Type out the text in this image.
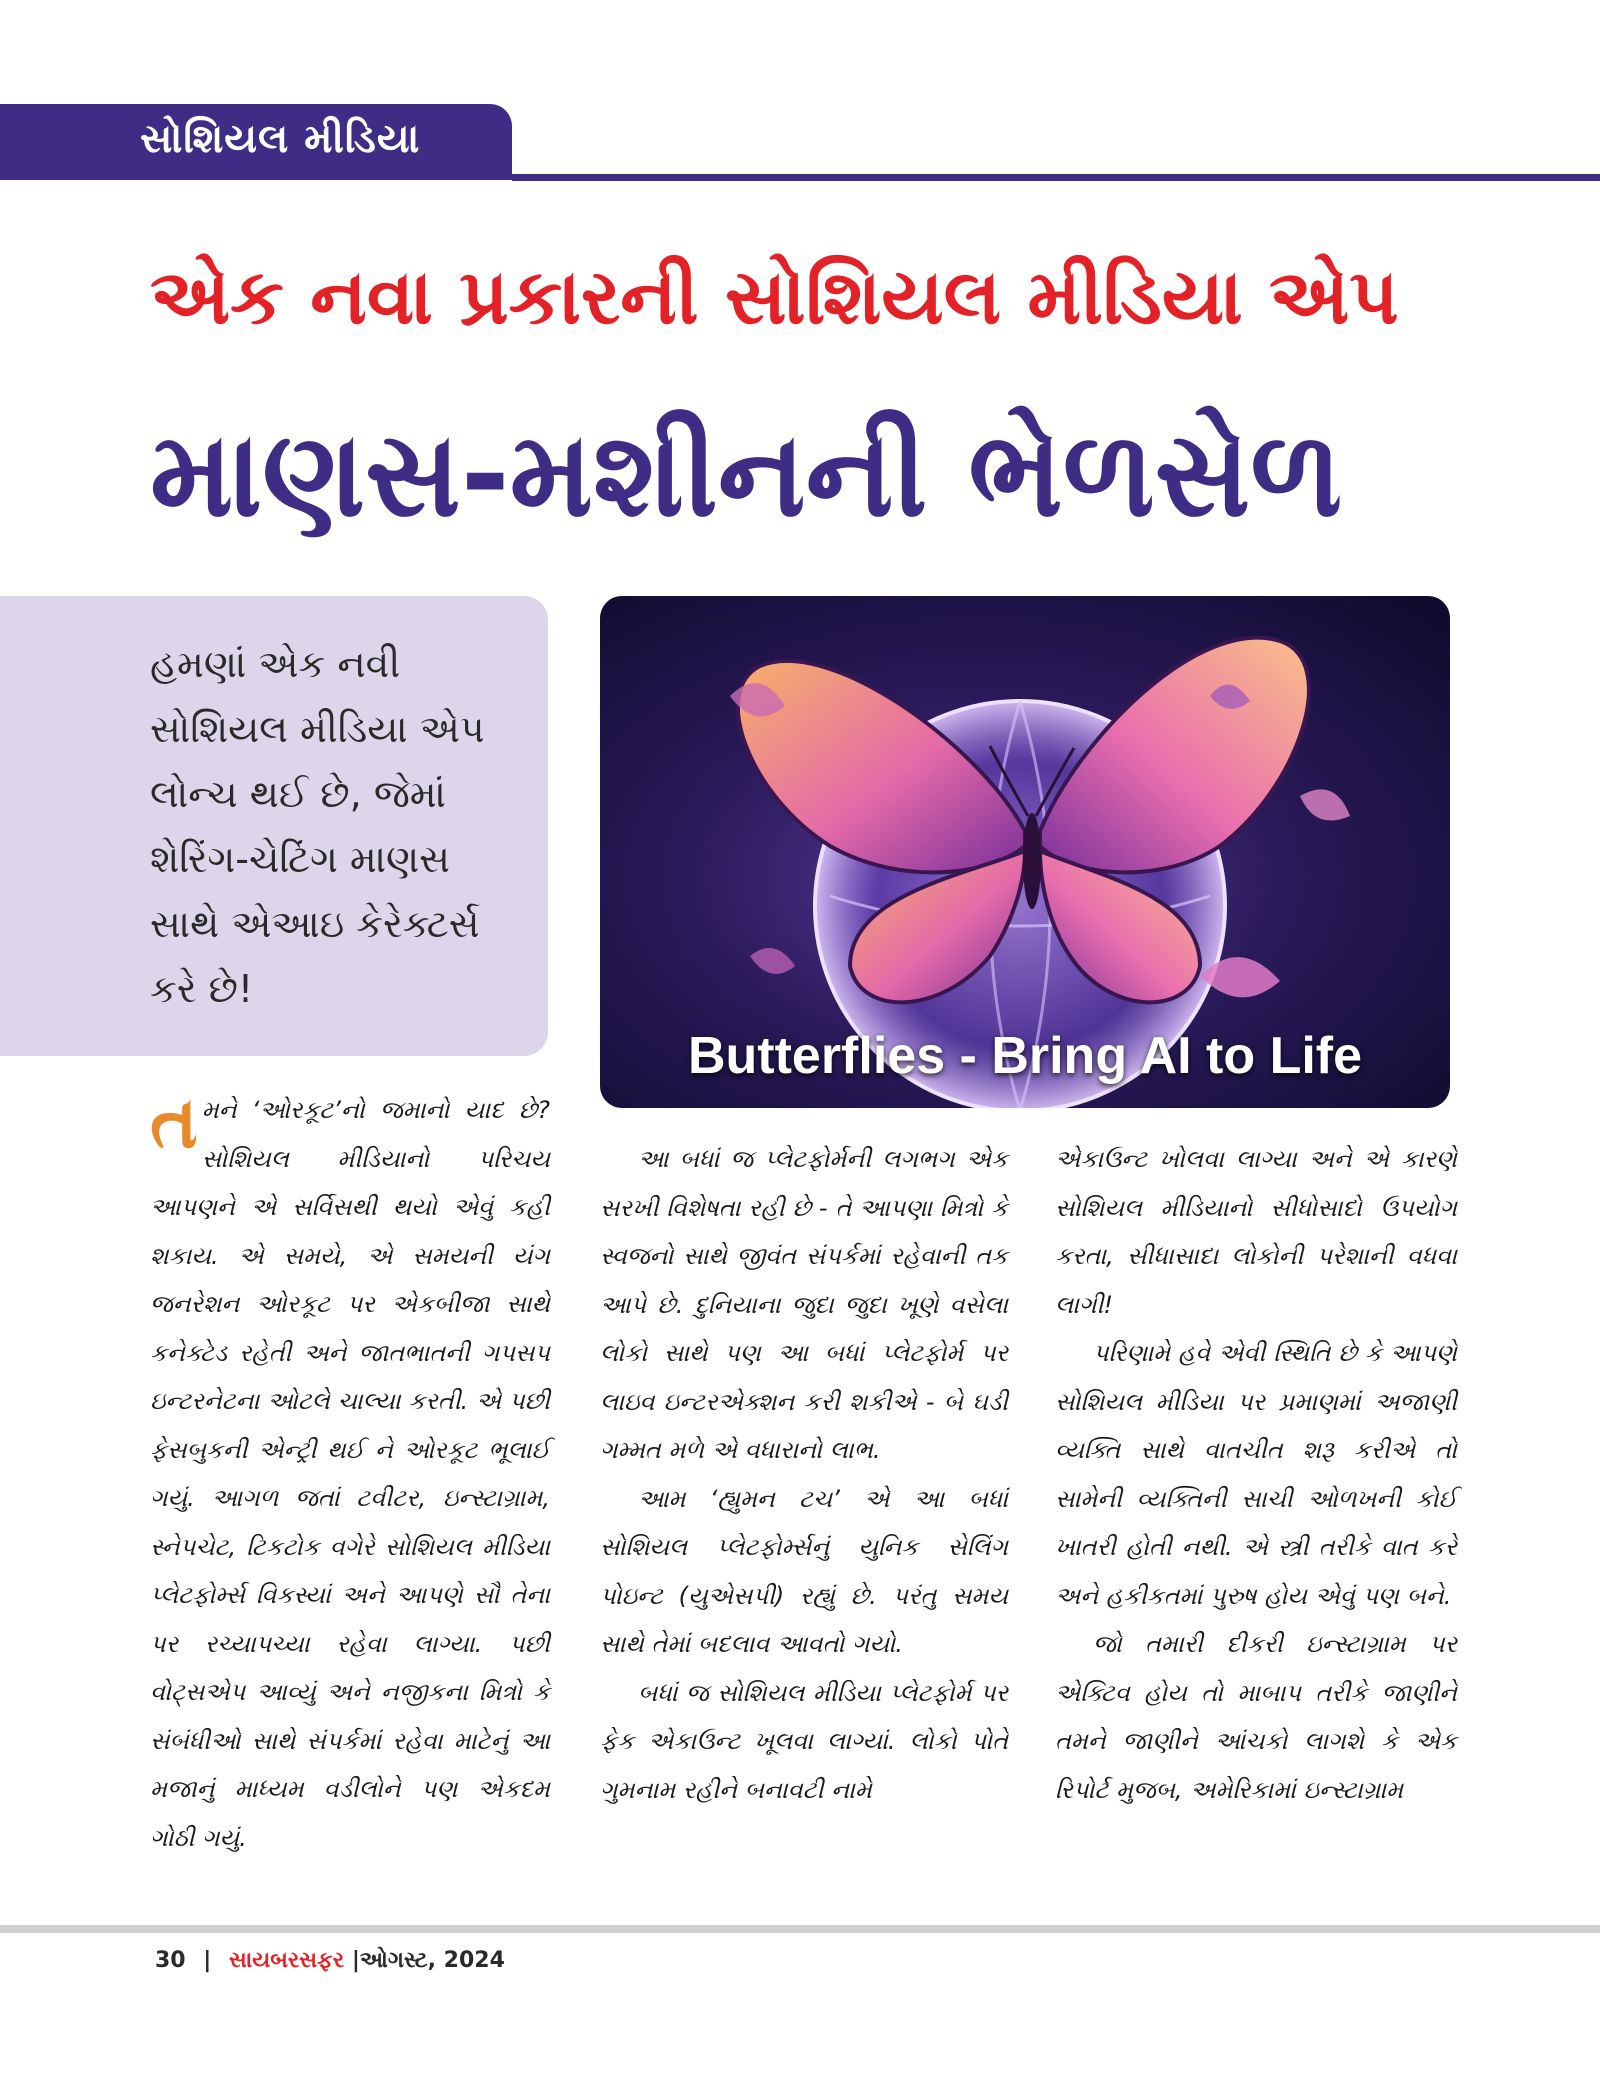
સોશિયલ મીડિયા
એક નવા પ્રકારની સોશિયલ મીડિયા એપ
માણસ-મશીનની ભેળસેળ

હમણાં એક નવી સોશિયલ મીડિયા એપ લોન્ચ થઈ છે, જેમાં શેરિંગ-ચેટિંગ માણસ સાથે એઆઇ કેરેક્ટર્સ કરે છે!

Butterflies - Bring AI to Life

તમને ‘ઓરકૂટ’નો જમાનો યાદ છે? સોશિયલ મીડિયાનો પરિચય આપણને એ સર્વિસથી થયો એવું કહી શકાય. એ સમયે, એ સમયની યંગ જનરેશન ઓરકૂટ પર એકબીજા સાથે કનેક્ટેડ રહેતી અને જાતભાતની ગપસપ ઇન્ટરનેટના ઓટલે ચાલ્યા કરતી. એ પછી ફેસબુકની એન્ટ્રી થઈ ને ઓરકૂટ ભૂલાઈ ગયું. આગળ જતાં ટવીટર, ઇન્સ્ટાગ્રામ, સ્નેપચેટ, ટિકટોક વગેરે સોશિયલ મીડિયા પ્લેટફોર્મ્સ વિકસ્યાં અને આપણે સૌ તેના પર રચ્યાપચ્યા રહેવા લાગ્યા. પછી વોટ્સએપ આવ્યું અને નજીકના મિત્રો કે સંબંધીઓ સાથે સંપર્કમાં રહેવા માટેનું આ મજાનું માધ્યમ વડીલોને પણ એકદમ ગોઠી ગયું.

આ બધાં જ પ્લેટફોર્મની લગભગ એક સરખી વિશેષતા રહી છે - તે આપણા મિત્રો કે સ્વજનો સાથે જીવંત સંપર્કમાં રહેવાની તક આપે છે. દુનિયાના જુદા જુદા ખૂણે વસેલા લોકો સાથે પણ આ બધાં પ્લેટફોર્મ પર લાઇવ ઇન્ટરએક્શન કરી શકીએ - બે ઘડી ગમ્મત મળે એ વધારાનો લાભ.

આમ ‘હ્યુમન ટચ’ એ આ બધાં સોશિયલ પ્લેટફોર્મ્સનું યુનિક સેલિંગ પોઇન્ટ (યુએસપી) રહ્યું છે. પરંતુ સમય સાથે તેમાં બદલાવ આવતો ગયો.

બધાં જ સોશિયલ મીડિયા પ્લેટફોર્મ પર ફેક એકાઉન્ટ ખૂલવા લાગ્યાં. લોકો પોતે ગુમનામ રહીને બનાવટી નામે

એકાઉન્ટ ખોલવા લાગ્યા અને એ કારણે સોશિયલ મીડિયાનો સીધોસાદો ઉપયોગ કરતા, સીધાસાદા લોકોની પરેશાની વધવા લાગી!

પરિણામે હવે એવી સ્થિતિ છે કે આપણે સોશિયલ મીડિયા પર પ્રમાણમાં અજાણી વ્યક્તિ સાથે વાતચીત શરૂ કરીએ તો સામેની વ્યક્તિની સાચી ઓળખની કોઈ ખાતરી હોતી નથી. એ સ્ત્રી તરીકે વાત કરે અને હકીકતમાં પુરુષ હોય એવું પણ બને.

જો તમારી દીકરી ઇન્સ્ટાગ્રામ પર એક્ટિવ હોય તો માબાપ તરીકે જાણીને તમને જાણીને આંચકો લાગશે કે એક રિપોર્ટ મુજબ, અમેરિકામાં ઇન્સ્ટાગ્રામ

30 | સાયબરસફર |ઓગસ્ટ, 2024
